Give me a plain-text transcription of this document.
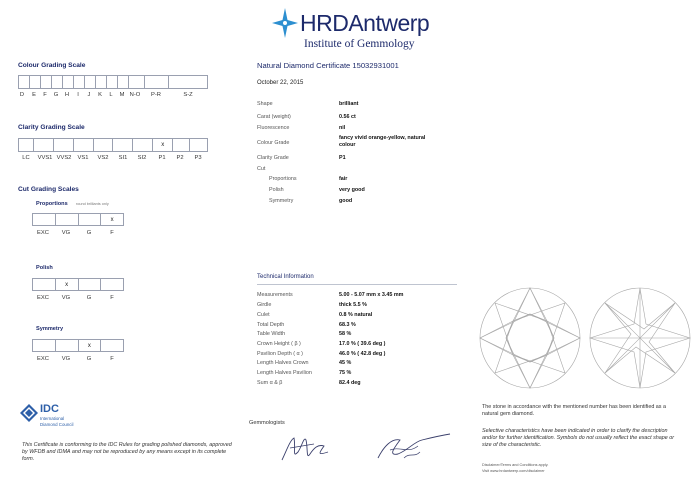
HRDAntwerp
Institute of Gemmology
Colour Grading Scale
D E F G H I J K L M N-O P-R	S-Z
Clarity Grading Scale
x
LC VVS1 VVS2 VS1 VS2 SI1 SI2 P1 P2 P3
Cut Grading Scales
Proportions round brilliants only
x
EXC VG	G	F
Polish
x
EXC VG	G	F
Symmetry
x
EXC VG	G	F
Natural Diamond Certificate 15032931001
October 22, 2015
Shape	brilliant
Carat (weight)	0.56 ct
Fluorescence	nil
Colour Grade
fancy vivid orange-yellow, natural colour
Clarity Grade	P1
Cut
Proportions	fair
Polish	very good
Symmetry	good
Technical Information
Measurements	5.00 - 5.07 mm x 3.45 mm
Girdle	thick 5.5 %
Culet	0.8 % natural
Total Depth	68.3 %
Table Width	58 %
Crown Height ( β )	17.0 % ( 39.6 deg )
Pavilion Depth ( α )	46.0 % ( 42.8 deg )
Length Halves Crown	45 %
Length Halves Pavilion	75 %
Sum α & β	82.4 deg
IDC
International
Diamond Council
This Certificate is conforming to the IDC Rules for grading polished diamonds, approved by WFDB and IDMA and may not be reproduced by any means except in its complete form.
Gemmologists
The stone in accordance with the mentioned number has been identified as a natural gem diamond.
Selective characteristics have been indicated in order to clarify the description and/or for further identification. Symbols do not usually reflect the exact shape or size of the characteristic.
Disclaimer/Terms and Conditions apply.
Visit www.hrdantwerp.com/disclaimer
